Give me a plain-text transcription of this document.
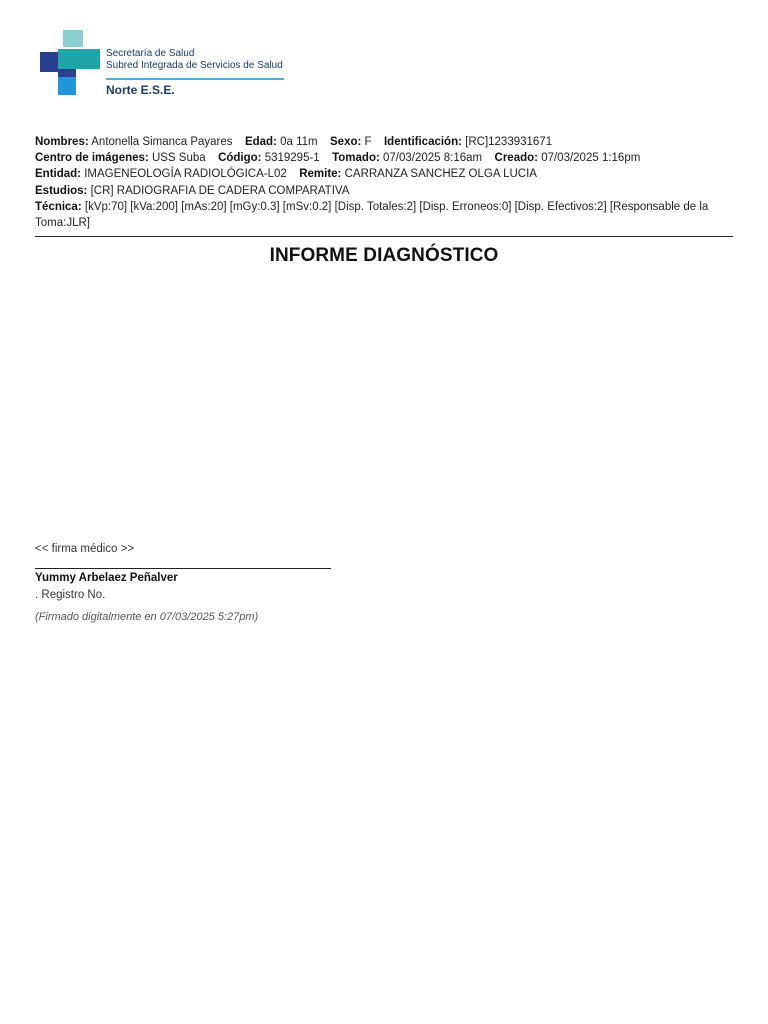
Secretaría de Salud
Subred Integrada de Servicios de Salud
Norte E.S.E.
Nombres: Antonella Simanca Payares Edad: 0a 11m Sexo: F Identificación: [RC]1233931671
Centro de imágenes: USS Suba Código: 5319295-1 Tomado: 07/03/2025 8:16am Creado: 07/03/2025 1:16pm
Entidad: IMAGENEOLOGÍA RADIOLÓGICA-L02 Remite: CARRANZA SANCHEZ OLGA LUCIA
Estudios: [CR] RADIOGRAFIA DE CADERA COMPARATIVA
Técnica: [kVp:70] [kVa:200] [mAs:20] [mGy:0.3] [mSv:0.2] [Disp. Totales:2] [Disp. Erroneos:0] [Disp. Efectivos:2] [Responsable de la Toma:JLR]
INFORME DIAGNÓSTICO
<< firma médico >>
Yummy Arbelaez Peñalver
. Registro No.
(Firmado digitalmente en 07/03/2025 5:27pm)
